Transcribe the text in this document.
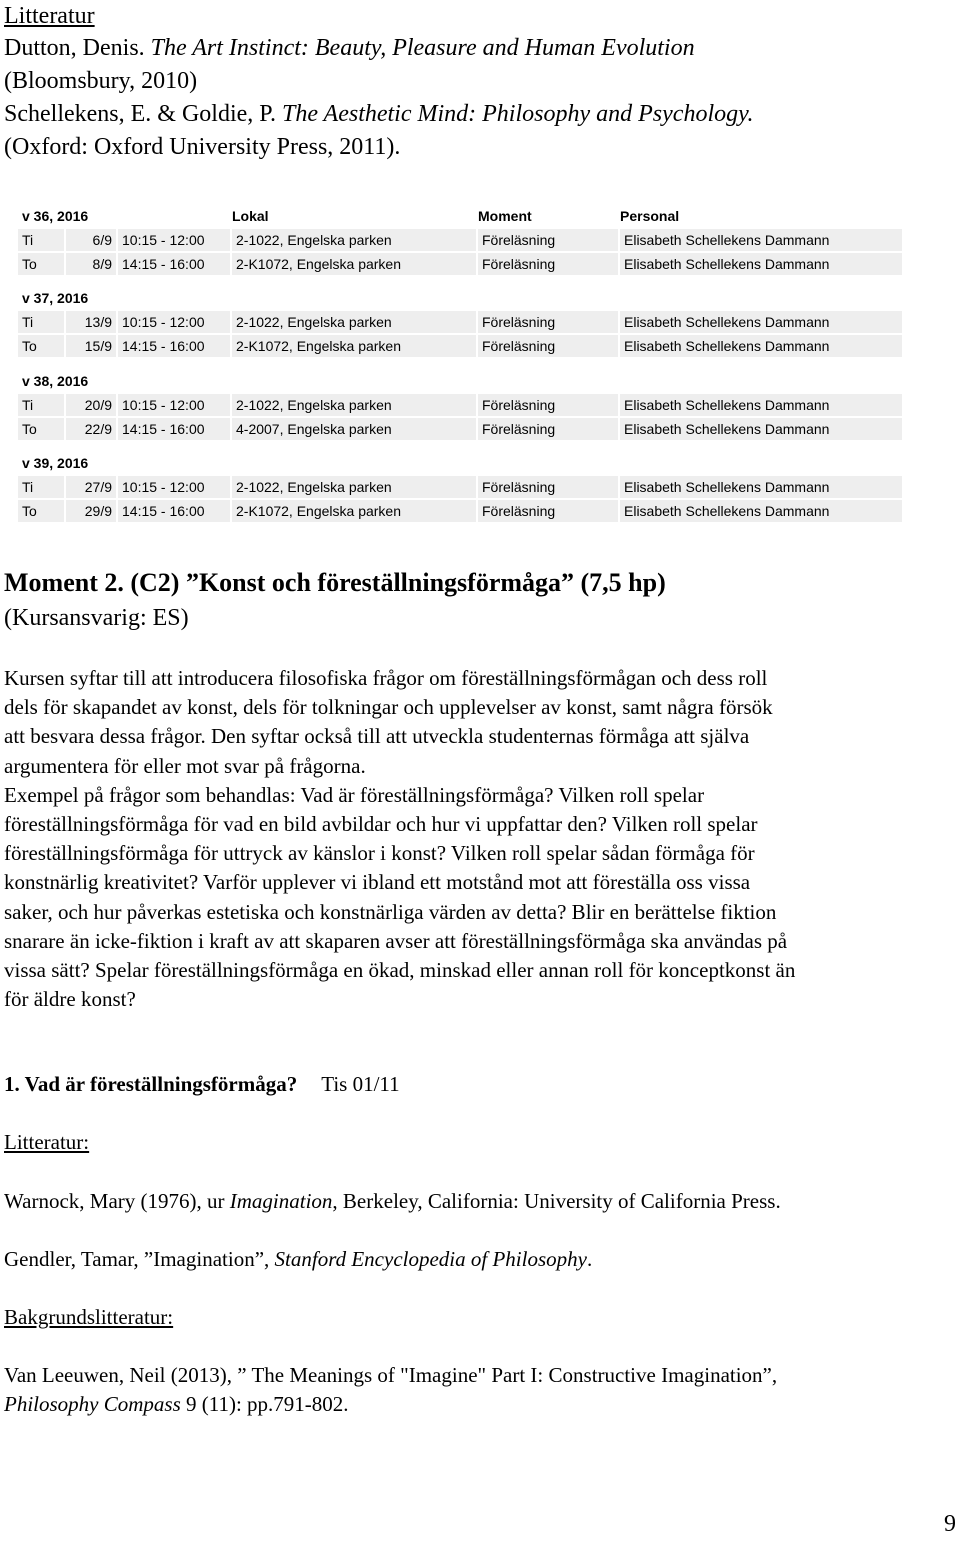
Litteratur
Dutton, Denis. The Art Instinct: Beauty, Pleasure and Human Evolution
(Bloomsbury, 2010)
Schellekens, E. & Goldie, P. The Aesthetic Mind: Philosophy and Psychology.
(Oxford: Oxford University Press, 2011).
v 36, 2016	Lokal	Moment	Personal
Ti	6/9 10:15 - 12:00	2-1022, Engelska parken	Föreläsning	Elisabeth Schellekens Dammann
To	8/9 14:15 - 16:00	2-K1072, Engelska parken	Föreläsning	Elisabeth Schellekens Dammann
v 37, 2016
Ti	13/9 10:15 - 12:00	2-1022, Engelska parken	Föreläsning	Elisabeth Schellekens Dammann
To	15/9 14:15 - 16:00	2-K1072, Engelska parken	Föreläsning	Elisabeth Schellekens Dammann
v 38, 2016
Ti	20/9 10:15 - 12:00	2-1022, Engelska parken	Föreläsning	Elisabeth Schellekens Dammann
To	22/9 14:15 - 16:00	4-2007, Engelska parken	Föreläsning	Elisabeth Schellekens Dammann
v 39, 2016
Ti	27/9 10:15 - 12:00	2-1022, Engelska parken	Föreläsning	Elisabeth Schellekens Dammann
To	29/9 14:15 - 16:00	2-K1072, Engelska parken	Föreläsning	Elisabeth Schellekens Dammann
Moment 2. (C2) ”Konst och föreställningsförmåga” (7,5 hp)
(Kursansvarig: ES)
Kursen syftar till att introducera filosofiska frågor om föreställningsförmågan och dess roll
dels för skapandet av konst, dels för tolkningar och upplevelser av konst, samt några försök
att besvara dessa frågor. Den syftar också till att utveckla studenternas förmåga att själva
argumentera för eller mot svar på frågorna.
Exempel på frågor som behandlas: Vad är föreställningsförmåga? Vilken roll spelar
föreställningsförmåga för vad en bild avbildar och hur vi uppfattar den? Vilken roll spelar
föreställningsförmåga för uttryck av känslor i konst? Vilken roll spelar sådan förmåga för
konstnärlig kreativitet? Varför upplever vi ibland ett motstånd mot att föreställa oss vissa
saker, och hur påverkas estetiska och konstnärliga värden av detta? Blir en berättelse fiktion
snarare än icke-fiktion i kraft av att skaparen avser att föreställningsförmåga ska användas på
vissa sätt? Spelar föreställningsförmåga en ökad, minskad eller annan roll för konceptkonst än
för äldre konst?
1. Vad är föreställningsförmåga? Tis 01/11
Litteratur:
Warnock, Mary (1976), ur Imagination, Berkeley, California: University of California Press.
Gendler, Tamar, ”Imagination”, Stanford Encyclopedia of Philosophy.
Bakgrundslitteratur:
Van Leeuwen, Neil (2013), ” The Meanings of "Imagine" Part I: Constructive Imagination”,
Philosophy Compass 9 (11): pp.791-802.
9
